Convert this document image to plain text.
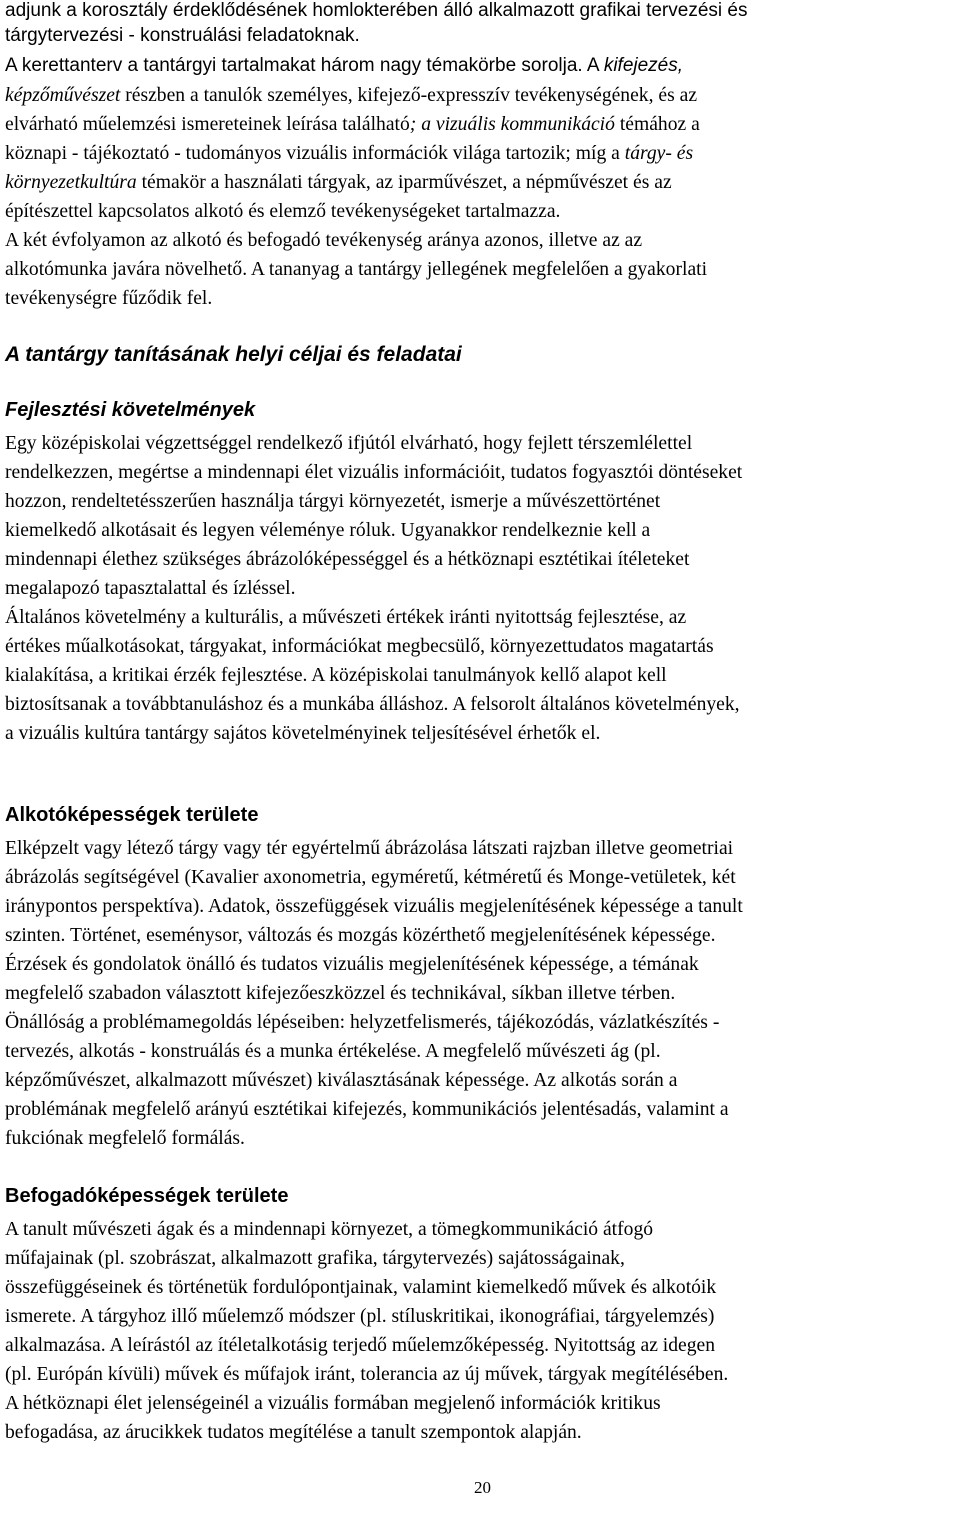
adjunk a korosztály érdeklődésének homlokterében álló alkalmazott grafikai tervezési és
tárgytervezési - konstruálási feladatoknak.
A kerettanterv a tantárgyi tartalmakat három nagy témakörbe sorolja. A kifejezés,
képzőművészet részben a tanulók személyes, kifejező-expresszív tevékenységének, és az
elvárható műelemzési ismereteinek leírása található; a vizuális kommunikáció témához a
köznapi - tájékoztató - tudományos vizuális információk világa tartozik; míg a tárgy- és
környezetkultúra témakör a használati tárgyak, az iparművészet, a népművészet és az
építészettel kapcsolatos alkotó és elemző tevékenységeket tartalmazza.
A két évfolyamon az alkotó és befogadó tevékenység aránya azonos, illetve az az
alkotómunka javára növelhető. A tananyag a tantárgy jellegének megfelelően a gyakorlati
tevékenységre fűződik fel.
A tantárgy tanításának helyi céljai és feladatai
Fejlesztési követelmények
Egy középiskolai végzettséggel rendelkező ifjútól elvárható, hogy fejlett térszemlélettel
rendelkezzen, megértse a mindennapi élet vizuális információit, tudatos fogyasztói döntéseket
hozzon, rendeltetésszerűen használja tárgyi környezetét, ismerje a művészettörténet
kiemelkedő alkotásait és legyen véleménye róluk. Ugyanakkor rendelkeznie kell a
mindennapi élethez szükséges ábrázolóképességgel és a hétköznapi esztétikai ítéleteket
megalapozó tapasztalattal és ízléssel.
Általános követelmény a kulturális, a művészeti értékek iránti nyitottság fejlesztése, az
értékes műalkotásokat, tárgyakat, információkat megbecsülő, környezettudatos magatartás
kialakítása, a kritikai érzék fejlesztése. A középiskolai tanulmányok kellő alapot kell
biztosítsanak a továbbtanuláshoz és a munkába álláshoz. A felsorolt általános követelmények,
a vizuális kultúra tantárgy sajátos követelményinek teljesítésével érhetők el.
Alkotóképességek területe
Elképzelt vagy létező tárgy vagy tér egyértelmű ábrázolása látszati rajzban illetve geometriai
ábrázolás segítségével (Kavalier axonometria, egyméretű, kétméretű és Monge-vetületek, két
iránypontos perspektíva). Adatok, összefüggések vizuális megjelenítésének képessége a tanult
szinten. Történet, eseménysor, változás és mozgás közérthető megjelenítésének képessége.
Érzések és gondolatok önálló és tudatos vizuális megjelenítésének képessége, a témának
megfelelő szabadon választott kifejezőeszközzel és technikával, síkban illetve térben.
Önállóság a problémamegoldás lépéseiben: helyzetfelismerés, tájékozódás, vázlatkészítés -
tervezés, alkotás - konstruálás és a munka értékelése. A megfelelő művészeti ág (pl.
képzőművészet, alkalmazott művészet) kiválasztásának képessége. Az alkotás során a
problémának megfelelő arányú esztétikai kifejezés, kommunikációs jelentésadás, valamint a
fukciónak megfelelő formálás.
Befogadóképességek területe
A tanult művészeti ágak és a mindennapi környezet, a tömegkommunikáció átfogó
műfajainak (pl. szobrászat, alkalmazott grafika, tárgytervezés) sajátosságainak,
összefüggéseinek és történetük fordulópontjainak, valamint kiemelkedő művek és alkotóik
ismerete. A tárgyhoz illő műelemző módszer (pl. stíluskritikai, ikonográfiai, tárgyelemzés)
alkalmazása. A leírástól az ítéletalkotásig terjedő műelemzőképesség. Nyitottság az idegen
(pl. Európán kívüli) művek és műfajok iránt, tolerancia az új művek, tárgyak megítélésében.
A hétköznapi élet jelenségeinél a vizuális formában megjelenő információk kritikus
befogadása, az árucikkek tudatos megítélése a tanult szempontok alapján.
20
